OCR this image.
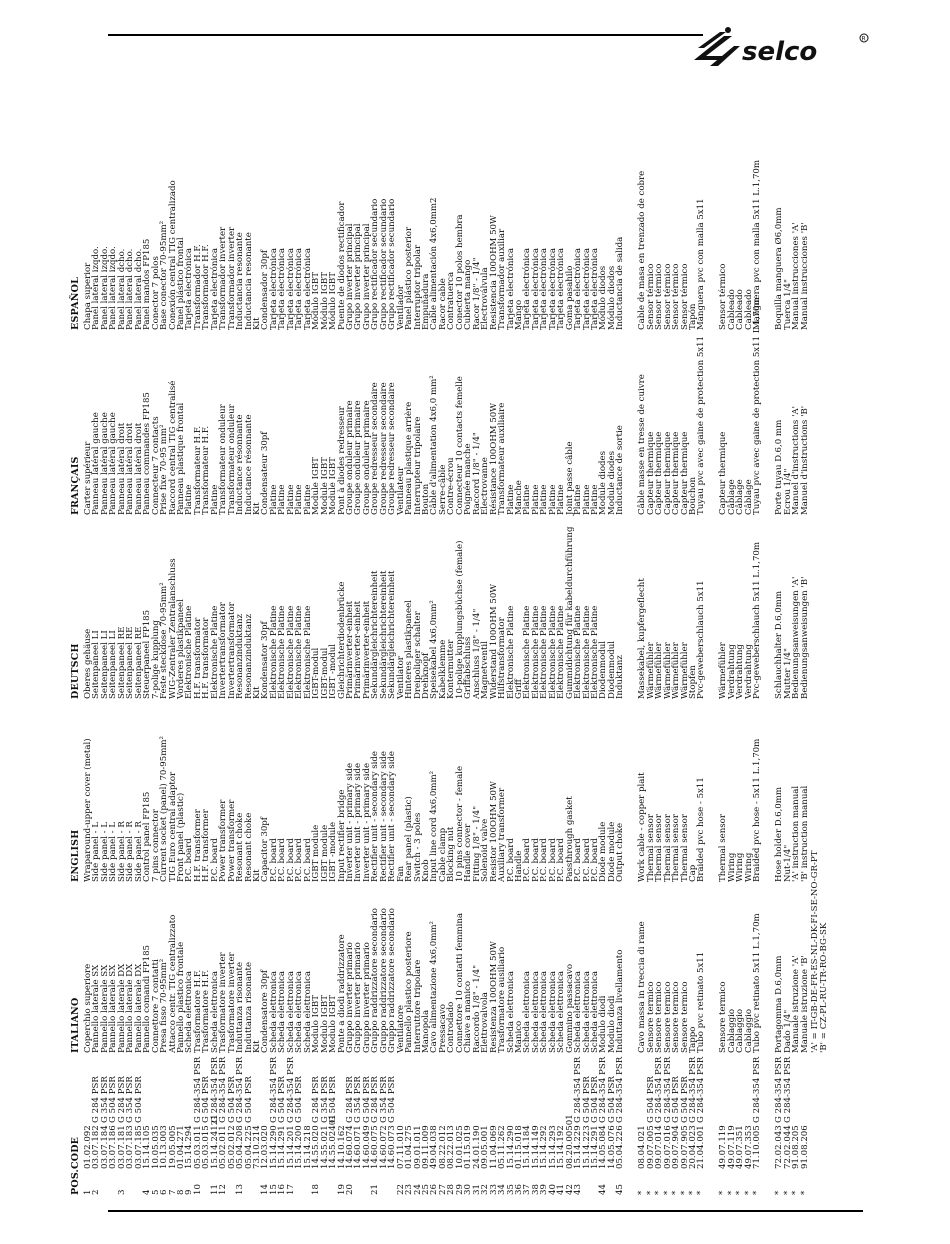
selco	R
POS.
CODE
ITALIANO
ENGLISH
DEUTSCH
FRANÇAIS
ESPAÑOL
1
01.02.092
Coperchio superiore
Wraparound-upper cover (metal)
Oberes gehäuse
Carter supérieur
Chapa superior
2
03.07.182
G 284 PSR
Pannello laterale SX
Side panel - L
Seitenpaneel LI
Panneau latéral gauche
Panel lateral izqdo.
03.07.184
G 354 PSR
Pannello laterale SX
Side panel - L
Seitenpaneel LI
Panneau latéral gauche
Panel lateral izqdo.
03.07.186
G 504 PSR
Pannello laterale SX
Side panel - L
Seitenpaneel LI
Panneau latéral gauche
Panel lateral izqdo.
3
03.07.181
G 284 PSR
Pannello laterale DX
Side panel - R
Seitenpaneel RE
Panneau latéral droit
Panel lateral dcho.
03.07.183
G 354 PSR
Pannello laterale DX
Side panel - R
Seitenpaneel RE
Panneau latéral droit
Panel lateral dcho.
03.07.185
G 504 PSR
Pannello laterale DX
Side panel - R
Seitenpaneel RE
Panneau latéral droit
Panel lateral dcho.
4
15.14.105
Pannello comandi FP185
Control panel FP185
Steuerpaneel FP185
Panneau commandes FP185
Panel mandos FP185
5
10.05.035
Connettore 7 contatti
7 pins connector
7-polige kupplung
Connecteur 7 contacts
Conector 7 polos
6
10.13.003
Presa fisso 70-95mm²
Current socket (panel) 70-95mm²
Feste steckdose 70-95mm²
Prise fixe 70-95 mm²
Base conector 70-95mm²
7
19.05.005
Attacco centr. TIG centralizzato
TIG Euro central adaptor
WIG-Zentraler Zentralanschluss
Raccord central TIG centralisé
Conexión central TIG centralizado
8
01.04.271
Pannello plastico frontale
Front panel (plastic)
Vorderes plastikpaneel
Panneau plastique frontal
Panel plástico frontal
9
15.14.294
Scheda elettronica
P.C. board
Elektronische Platine
Platine
Tarjeta electrónica
10
05.03.011
G 284-354 PSR
Trasformatore H.F.
H.F. transformer
H.F. transformator
Transformateur H.F.
Transformador H.F.
05.03.015
G 504 PSR
Trasformatore H.F.
H.F. transformer
H.F. transformator
Transformateur H.F.
Transformador H.F.
11
15.14.24121
G 284-354 PSR
Scheda elettronica
P.C. board
Elektronische Platine
Platine
Tarjeta electrónica
12
05.02.011
G 284-354 PSR
Trasformatore inverter
Power transformer
Invertertransformator
Transformateur onduleur
Transformador inverter
05.02.012
G 504 PSR
Trasformatore inverter
Power transformer
Invertertransformator
Transformateur onduleur
Transformador inverter
13
05.04.208
G 284-354 PSR
Induttanza risonante
Resonant choke
Resonanzinduktanz
Inductance résonnante
Inductancia resonante
05.04.225
G 504 PSR
Induttanza risonante
Resonant choke
Resonanzinduktanz
Inductance résonnante
Inductancia resonante
73.10.214
Kit
Kit
Kit
Kit
Kit
14
12.03.020
Condensatore 30pf
Capacitor 30pf
Kondensator 30pf
Condensateur 30pf
Condensador 30pf
15
15.14.290
G 284-354 PSR
Scheda elettronica
P.C. board
Elektronische Platine
Platine
Tarjeta electrónica
16
15.14.291
G 504 PSR
Scheda elettronica
P.C. board
Elektronische Platine
Platine
Tarjeta electrónica
17
15.14.201
G 284-354 PSR
Scheda elettronica
P.C. board
Elektronische Platine
Platine
Tarjeta electrónica
15.14.200
G 504 PSR
Scheda elettronica
P.C. board
Elektronische Platine
Platine
Tarjeta electrónica
15.14.218
Scheda elettronica
P.C. board
Elektronische Platine
Platine
Tarjeta electrónica
18
14.55.020
G 284 PSR
Modulo IGBT
IGBT module
IGBT-modul
Module IGBT
Módulo IGBT
14.55.021
G 354 PSR
Modulo IGBT
IGBT module
IGBT-modul
Module IGBT
Módulo IGBT
14.55.02401
G 504 PSR
Modulo IGBT
IGBT -module
IGBT -modul
Module IGBT
Módulo IGBT
19
14.10.162
Ponte a diodi raddrizzatore
Input rectifier bridge
Gleichrichterdiodenbrücke
Pont à diodes redresseur
Puente de diodos rectificador
20
14.60.074
G 284 PSR
Gruppo inverter primario
Inverter unit - primary side
Primärinverter-einheit
Groupe onduleur primaire
Grupo inverter principal
14.60.071
G 354 PSR
Gruppo inverter primario
Inverter unit - primary side
Primärinverter-einheit
Groupe onduleur primaire
Grupo inverter principal
14.60.049
G 504 PSR
Gruppo inverter primario
Inverter unit - primary side
Primärinverter-einheit
Groupe onduleur primaire
Grupo inverter principal
21
14.60.075
G 284 PSR
Gruppo raddrizzatore secondario
Rectifier unit - secondary side
Sekundärgleichrichtereinheit
Groupe redresseur secondaire
Grupo rectificador secundario
14.60.072
G 354 PSR
Gruppo raddrizzatore secondario
Rectifier unit - secondary side
Sekundärgleichrichtereinheit
Groupe redresseur secondaire
Grupo rectificador secundario
14.60.073
G 504 PSR
Gruppo raddrizzatore secondario
Rectifier unit - secondary side
Sekundärgleichrichtereinheit
Groupe redresseur secondaire
Grupo rectificador secundario
22
07.11.010
Ventilatore
Fan
Ventilator
Ventilateur
Ventilador
23
01.04.275
Pannello plastico posteriore
Rear panel (plastic)
Hinteres plastikpaneel
Panneau plastique arrière
Panel plástico posterior
24
09.01.011
Interruttore tripolare
Switch - 3 poles
Dreipoliger schalter
Interrupteur tripolaire
Interruptor tripolar
25
09.11.009
Manopola
Knob
Drehknopf
Bouton
Empuñadura
26
49.04.038
Cavo alimentazione 4x6,0mm²
Input line cord 4x6,0mm²
Speisekabel 4x6,0mm²
Câble d'alimentation 4x6,0 mm²
Cable alimentación 4x6,0mm2
27
08.22.012
Pressacavo
Cable clamp
Kabelklemme
Serre-câble
Racor cable
28
08.22.013
Controdado
Blocking nut
Kontermutter
Contre-écrou
Contratuerca
29
10.01.025
Connettore 10 contatti femmina
10 pins connector - female
10-polige kupplungsbüchse (female)
Connecteur 10 contacts femelle
Conector 10 polos hembra
30
01.15.019
Chiave a manico
Handle cover
Griffabschluss
Poignée manche
Cubierta mango
31
24.01.190
Raccordo 1/8" - 1/4"
Fitting 1/8" - 1/4"
Anschluss 1/8" - 1/4"
Raccord 1/8" - 1/4"
Racor 1/8" - 1/4"
32
09.05.001
Elettrovalvola
Solenoid valve
Magnetventil
Electrovanne
Electroválvula
33
11.04.069
Resistenza 100OHM 50W
Resistor 100OHM 50W
Widerstand 100OHM 50W
Résistance 100OHM 50W
Resistencia 100OHM 50W
34
05.11.262
Trasformatore ausiliario
Auxiliary transformer
Hilfstransformator
Transformateur auxiliaire
Transformador auxiliar
35
15.14.290
Scheda elettronica
P.C. board
Elektronische Platine
Platine
Tarjeta electrónica
36
01.15.018
Manico
Handle
Griff
Manche
Mango
37
15.14.184
Scheda elettronica
P.C. board
Elektronische Platine
Platine
Tarjeta electrónica
38
15.14.149
Scheda elettronica
P.C. board
Elektronische Platine
Platine
Tarjeta electrónica
39
15.14.292
Scheda elettronica
P.C. board
Elektronische Platine
Platine
Tarjeta electrónica
40
15.14.293
Scheda elettronica
P.C. board
Elektronische Platine
Platine
Tarjeta electrónica
41
15.14.192
Scheda elettronica
P.C. board
Elektronische Platine
Platine
Tarjeta electrónica
42
08.20.00501
Gommino passacavo
Passthrough gasket
Gummidichtung für kabeldurchführung
Joint passe câble
Goma pasahilo
43
15.14.229
G 284-354 PSR
Scheda elettronica
P.C. board
Elektronische Platine
Platine
Tarjeta electrónica
15.14.223
G 504 PSR
Scheda elettronica
P.C. board
Elektronische Platine
Platine
Tarjeta electrónica
15.14.291
G 504 PSR
Scheda elettronica
P.C. board
Elektronische Platine
Platine
Tarjeta electrónica
44
14.05.084
G 284-354 PSR
Modulo diodi
Diode module
Diodenmodul
Module diodes
Módulo diodos
14.05.076
G 504 PSR
Modulo diodi
Diode module
Diodenmodul
Module diodes
Módulo diodos
45
05.04.226
G 284-354 PSR
Induttanza livellamento
Output choke
Induktanz
Inductance de sortie
Inductancia de salida
*
08.04.021
Cavo massa in treccia di rame
Work cable - copper plait
Massekabel, kupfergeflecht
Câble masse en tresse de cuivre
Cable de masa en trenzado de cobre
*
09.07.005
G 504 PSR
Sensore termico
Thermal sensor
Wärmefühler
Capteur thermique
Sensor térmico
*
09.07.014
G 284-354 PSR
Sensore termico
Thermal sensor
Wärmefühler
Capteur thermique
Sensor térmico
*
09.07.016
G 284-354 PSR
Sensore termico
Thermal sensor
Wärmefühler
Capteur thermique
Sensor térmico
*
09.07.904
G 504 PSR
Sensore termico
Thermal sensor
Wärmefühler
Capteur thermique
Sensor térmico
*
09.07.905
G 504 PSR
Sensore termico
Thermal sensor
Wärmefühler
Capteur thermique
Sensor térmico
*
20.04.023
G 284-354 PSR
Tappo
Cap
Stopfen
Bouchon
Tapón
*
21.04.001
G 284-354 PSR
Tubo pvc retinato 5x11
Braided pvc hose - 5x11
Pvc-geweberschlauch 5x11
Tuyau pvc avec gaine de protection 5x11
Manguera pvc con malla 5x11
*
49.07.119
Sensore termico
Thermal sensor
Wärmefühler
Capteur thermique
Sensor térmico
*
49.07.119
Cablaggio
Wiring
Verdrahtung
Câblage
Cableado
*
49.07.351
Cablaggio
Wiring
Verdrahtung
Câblage
Cableado
*
49.07.353
Cablaggio
Wiring
Verdrahtung
Câblage
Cableado
*
71.10.005
G 284-354 PSR
Tubo pvc retinato 5x11 L.1,70m
Braided pvc hose - 5x11 L.1,70m
Pvc-geweberschlauch 5x11 L.1,70m
Tuyau pvc avec gaine de protection 5x11 L.1,70m
Manguera pvc con malla 5x11 L.1,70m
*
72.02.043
G 284-354 PSR
Portagomma D.6,0mm
Hose holder D.6,0mm
Schlauchhalter D.6,0mm
Porte tuyau D.6,0 mm
Boquilla manguera Ø6,0mm
*
72.02.044
G 284-354 PSR
Dado 1/4"
Nut-1/4"
Mutter 1/4"
Ecrou 1/4"
Tuerca 1/4"
*
91.08.205
Manuale istruzione 'A'
'A' instruction manual
Bedienungsanweisungen 'A'
Manuel d'instructions 'A'
Manual instrucciones 'A'
*
91.08.206
Manuale istruzione 'B'
'B' instruction manual
Bedienungsanweisungen 'B'
Manuel d'instructions 'B'
Manual instrucciones 'B'
'A' = IT-GB-DE-FR-ES-NL-DK-FI-SE-NO-GR-PT 'B' = CZ-PL-RU-TR-RO-BG-SK
